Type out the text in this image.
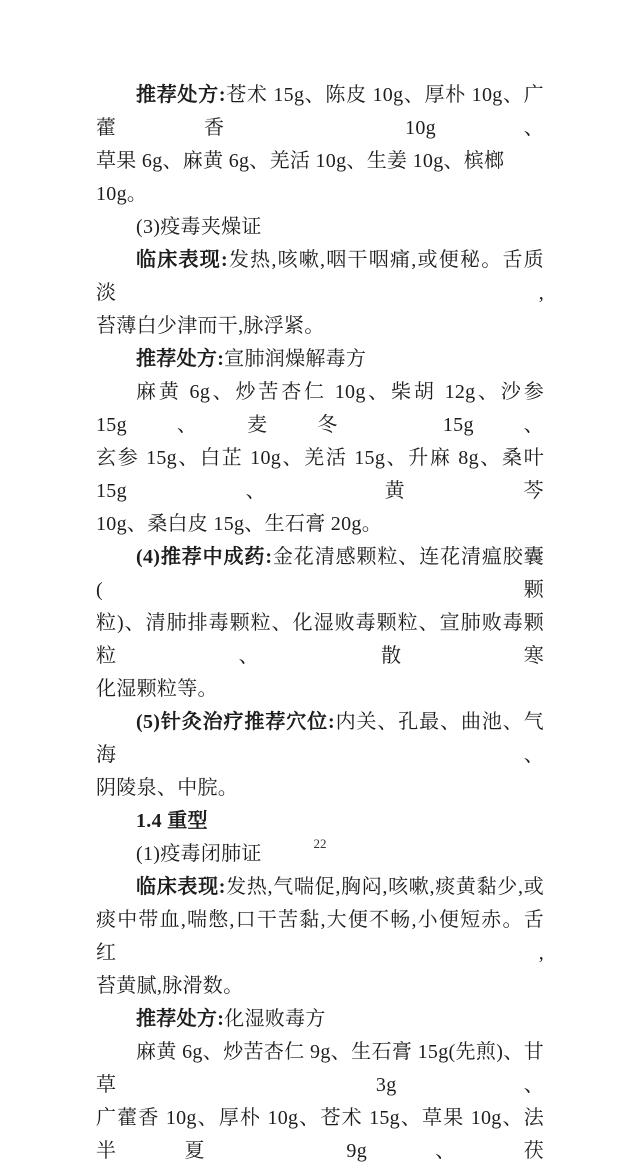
推荐处方:苍术 15g、陈皮 10g、厚朴 10g、广藿香 10g、
草果 6g、麻黄 6g、羌活 10g、生姜 10g、槟榔 10g。
(3)疫毒夹燥证
临床表现:发热,咳嗽,咽干咽痛,或便秘。舌质淡,
苔薄白少津而干,脉浮紧。
推荐处方:宣肺润燥解毒方
麻黄 6g、炒苦杏仁 10g、柴胡 12g、沙参 15g、麦冬 15g、
玄参 15g、白芷 10g、羌活 15g、升麻 8g、桑叶 15g、黄芩
10g、桑白皮 15g、生石膏 20g。
(4)推荐中成药:金花清感颗粒、连花清瘟胶囊(颗
粒)、清肺排毒颗粒、化湿败毒颗粒、宣肺败毒颗粒、散寒
化湿颗粒等。
(5)针灸治疗推荐穴位:内关、孔最、曲池、气海、
阴陵泉、中脘。
1.4 重型
(1)疫毒闭肺证
临床表现:发热,气喘促,胸闷,咳嗽,痰黄黏少,或
痰中带血,喘憋,口干苦黏,大便不畅,小便短赤。舌红,
苔黄腻,脉滑数。
推荐处方:化湿败毒方
麻黄 6g、炒苦杏仁 9g、生石膏 15g(先煎)、甘草 3g、
广藿香 10g、厚朴 10g、苍术 15g、草果 10g、法半夏 9g、茯
22
